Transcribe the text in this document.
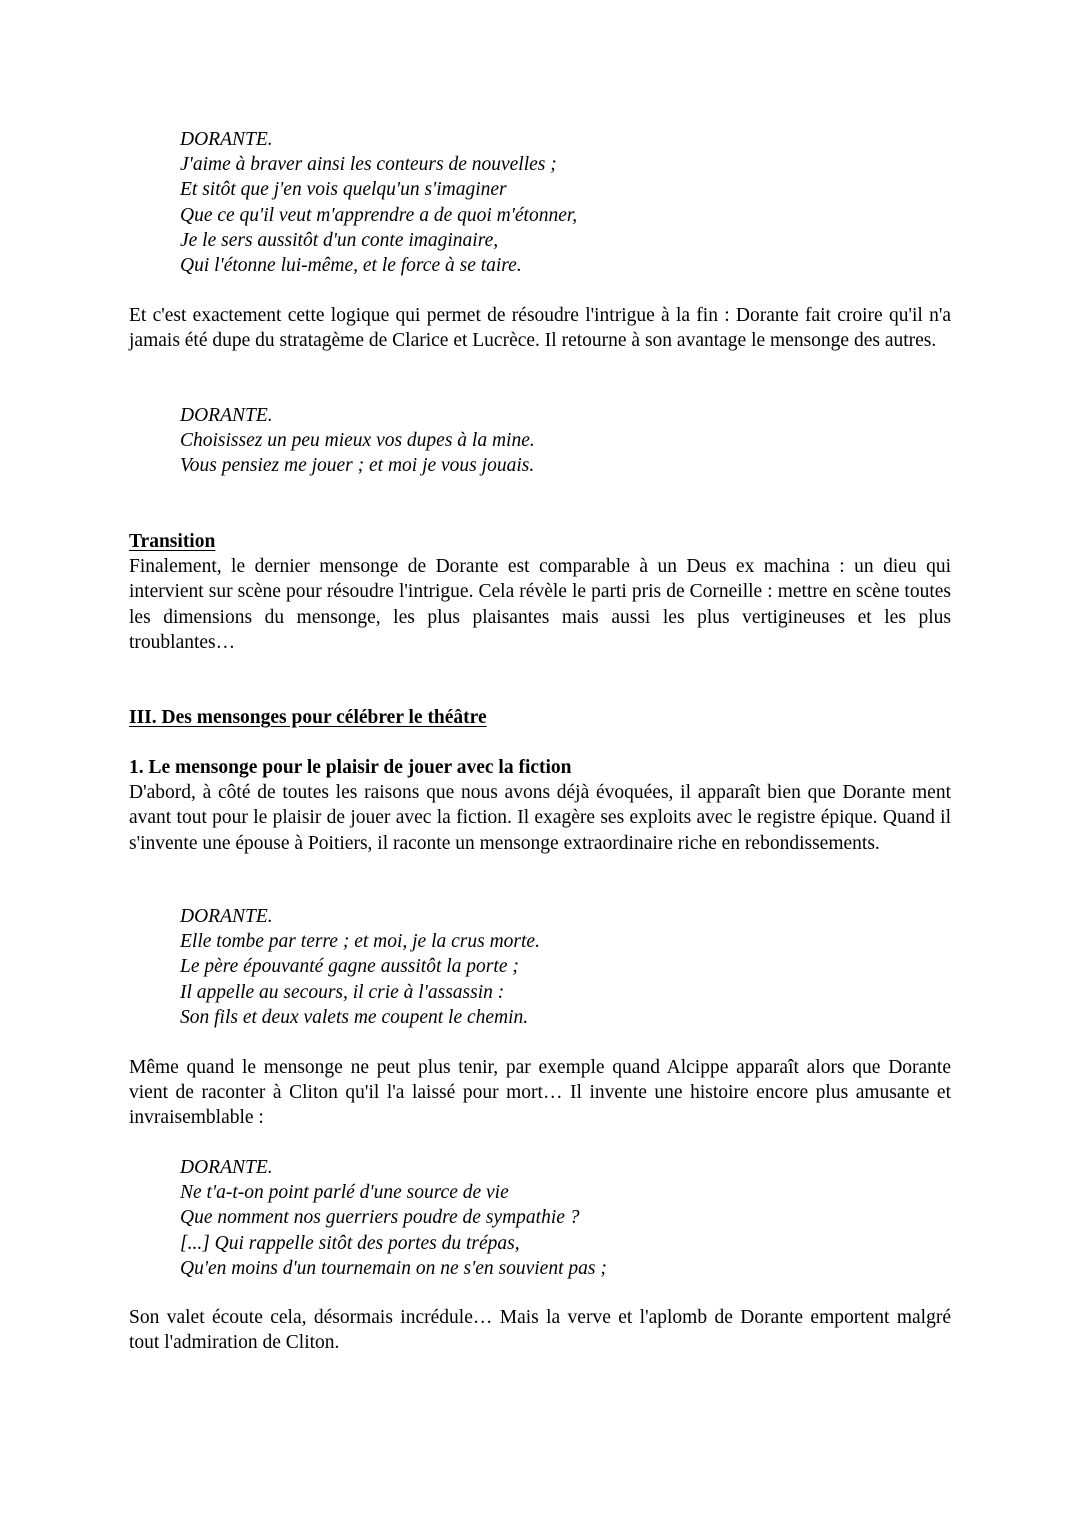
DORANTE.
J'aime à braver ainsi les conteurs de nouvelles ;
Et sitôt que j'en vois quelqu'un s'imaginer
Que ce qu'il veut m'apprendre a de quoi m'étonner,
Je le sers aussitôt d'un conte imaginaire,
Qui l'étonne lui-même, et le force à se taire.
Et c'est exactement cette logique qui permet de résoudre l'intrigue à la fin : Dorante fait croire qu'il n'a jamais été dupe du stratagème de Clarice et Lucrèce. Il retourne à son avantage le mensonge des autres.
DORANTE.
Choisissez un peu mieux vos dupes à la mine.
Vous pensiez me jouer ; et moi je vous jouais.
Transition
Finalement, le dernier mensonge de Dorante est comparable à un Deus ex machina : un dieu qui intervient sur scène pour résoudre l'intrigue. Cela révèle le parti pris de Corneille : mettre en scène toutes les dimensions du mensonge, les plus plaisantes mais aussi les plus vertigineuses et les plus troublantes…
III. Des mensonges pour célébrer le théâtre
1. Le mensonge pour le plaisir de jouer avec la fiction
D'abord, à côté de toutes les raisons que nous avons déjà évoquées, il apparaît bien que Dorante ment avant tout pour le plaisir de jouer avec la fiction. Il exagère ses exploits avec le registre épique. Quand il s'invente une épouse à Poitiers, il raconte un mensonge extraordinaire riche en rebondissements.
DORANTE.
Elle tombe par terre ; et moi, je la crus morte.
Le père épouvanté gagne aussitôt la porte ;
Il appelle au secours, il crie à l'assassin :
Son fils et deux valets me coupent le chemin.
Même quand le mensonge ne peut plus tenir, par exemple quand Alcippe apparaît alors que Dorante vient de raconter à Cliton qu'il l'a laissé pour mort… Il invente une histoire encore plus amusante et invraisemblable :
DORANTE.
Ne t'a-t-on point parlé d'une source de vie
Que nomment nos guerriers poudre de sympathie ?
[...] Qui rappelle sitôt des portes du trépas,
Qu'en moins d'un tournemain on ne s'en souvient pas ;
Son valet écoute cela, désormais incrédule… Mais la verve et l'aplomb de Dorante emportent malgré tout l'admiration de Cliton.
